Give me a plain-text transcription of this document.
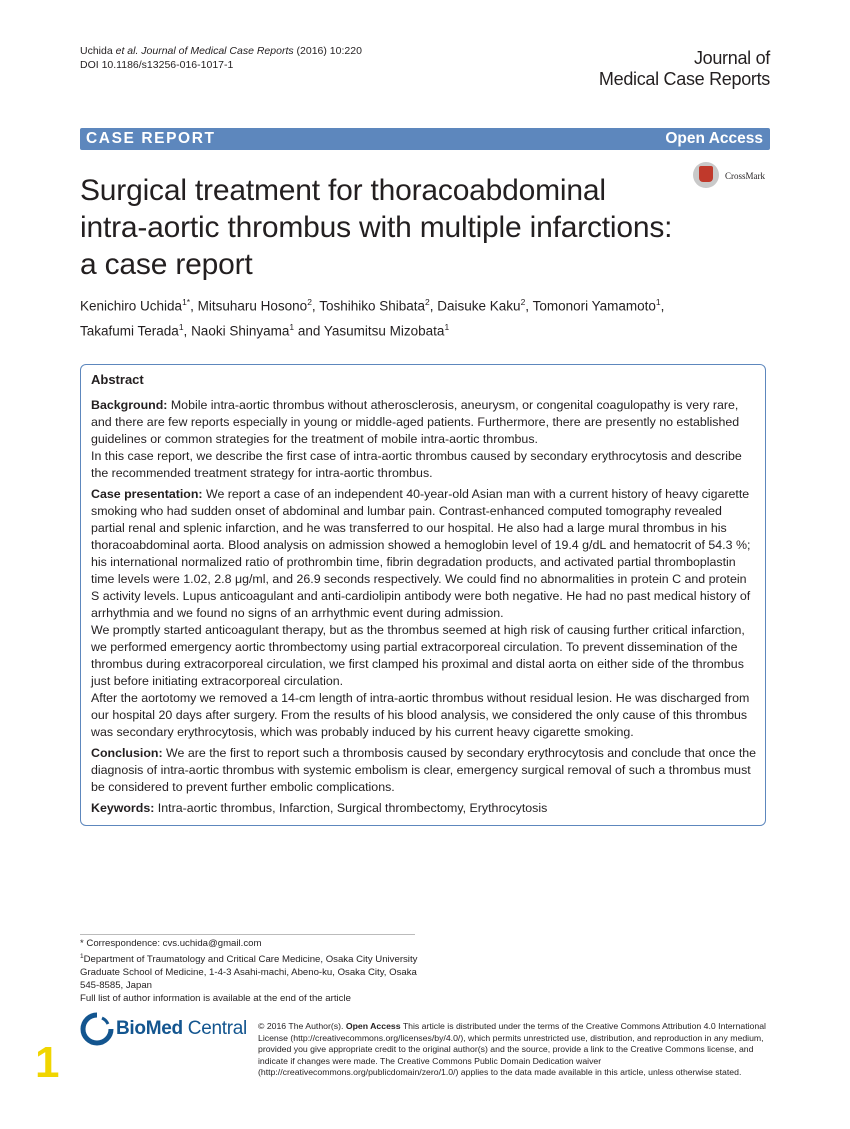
Uchida et al. Journal of Medical Case Reports (2016) 10:220
DOI 10.1186/s13256-016-1017-1	Journal of
Medical Case Reports
CASE REPORT	Open Access
Surgical treatment for thoracoabdominal intra-aortic thrombus with multiple infarctions: a case report
CrossMark
Kenichiro Uchida$^{1*}$, Mitsuharu Hosono$^2$, Toshihiko Shibata$^2$, Daisuke Kaku$^2$, Tomonori Yamamoto$^1$,
Takafumi Terada$^1$, Naoki Shinyama$^1$ and Yasumitsu Mizobata$^1$
Abstract

Background: Mobile intra-aortic thrombus without atherosclerosis, aneurysm, or congenital coagulopathy is very rare, and there are few reports especially in young or middle-aged patients. Furthermore, there are presently no established guidelines or common strategies for the treatment of mobile intra-aortic thrombus.

In this case report, we describe the first case of intra-aortic thrombus caused by secondary erythrocytosis and describe the recommended treatment strategy for intra-aortic thrombus.

Case presentation: We report a case of an independent 40-year-old Asian man with a current history of heavy cigarette smoking who had sudden onset of abdominal and lumbar pain. Contrast-enhanced computed tomography revealed partial renal and splenic infarction, and he was transferred to our hospital. He also had a large mural thrombus in his thoracoabdominal aorta. Blood analysis on admission showed a hemoglobin level of 19.4 g/dL and hematocrit of 54.3 %; his international normalized ratio of prothrombin time, fibrin degradation products, and activated partial thromboplastin time levels were 1.02, 2.8 μg/ml, and 26.9 seconds respectively. We could find no abnormalities in protein C and protein S activity levels. Lupus anticoagulant and anti-cardiolipin antibody were both negative. He had no past medical history of arrhythmia and we found no signs of an arrhythmic event during admission.

We promptly started anticoagulant therapy, but as the thrombus seemed at high risk of causing further critical infarction, we performed emergency aortic thrombectomy using partial extracorporeal circulation. To prevent dissemination of the thrombus during extracorporeal circulation, we first clamped his proximal and distal aorta on either side of the thrombus just before initiating extracorporeal circulation.

After the aortotomy we removed a 14-cm length of intra-aortic thrombus without residual lesion. He was discharged from our hospital 20 days after surgery. From the results of his blood analysis, we considered the only cause of this thrombus was secondary erythrocytosis, which was probably induced by his current heavy cigarette smoking.

Conclusion: We are the first to report such a thrombosis caused by secondary erythrocytosis and conclude that once the diagnosis of intra-aortic thrombus with systemic embolism is clear, emergency surgical removal of such a thrombus must be considered to prevent further embolic complications.

Keywords: Intra-aortic thrombus, Infarction, Surgical thrombectomy, Erythrocytosis

* Correspondence: cvs.uchida@gmail.com
$^1$Department of Traumatology and Critical Care Medicine, Osaka City University Graduate School of Medicine, 1-4-3 Asahi-machi, Abeno-ku, Osaka City, Osaka 545-8585, Japan
Full list of author information is available at the end of the article
BioMed Central © 2016 The Author(s). Open Access This article is distributed under the terms of the Creative Commons Attribution 4.0 International License (http://creativecommons.org/licenses/by/4.0/), which permits unrestricted use, distribution, and reproduction in any medium, provided you give appropriate credit to the original author(s) and the source, provide a link to the Creative Commons license, and indicate if changes were made. The Creative Commons Public Domain Dedication waiver (http://creativecommons.org/publicdomain/zero/1.0/) applies to the data made available in this article, unless otherwise stated.
1
